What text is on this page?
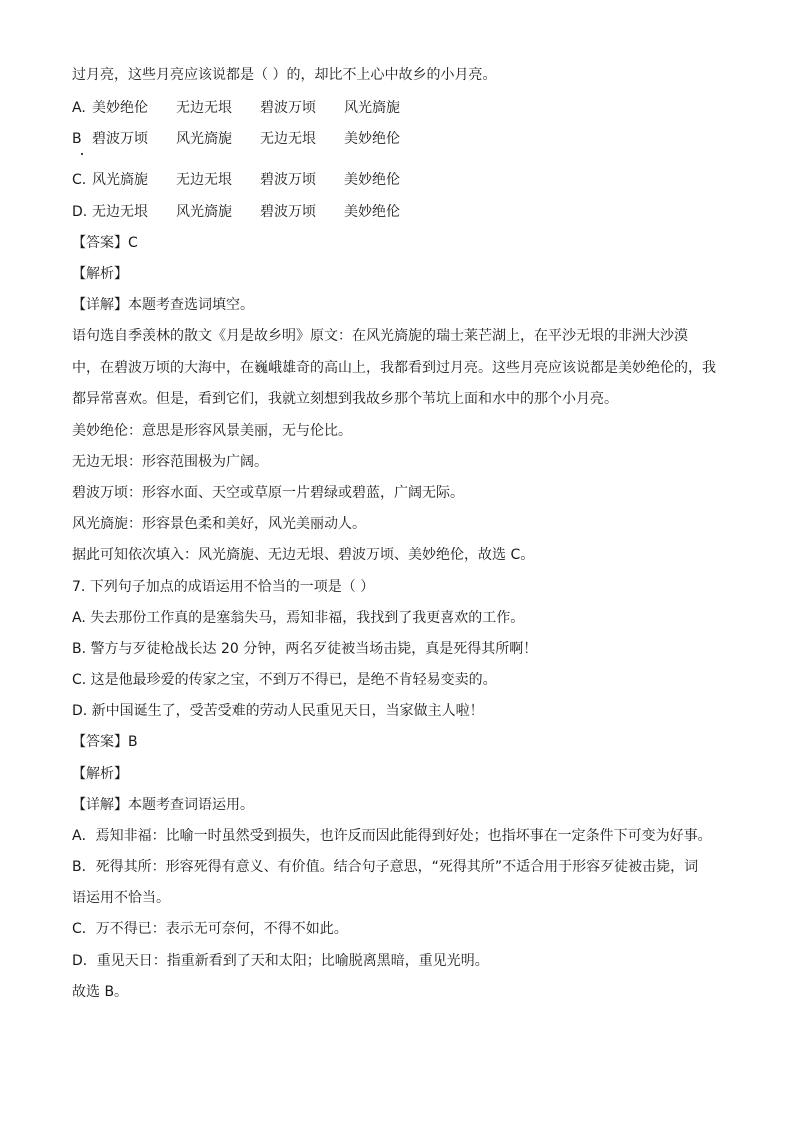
过月亮，这些月亮应该说都是（ ）的，却比不上心中故乡的小月亮。
A. 美妙绝伦 无边无垠 碧波万顷 风光旖旎
B 碧波万顷 风光旖旎 无边无垠 美妙绝伦
C. 风光旖旎 无边无垠 碧波万顷 美妙绝伦
D. 无边无垠 风光旖旎 碧波万顷 美妙绝伦
【答案】C
【解析】
【详解】本题考查选词填空。
语句选自季羡林的散文《月是故乡明》原文：在风光旖旎的瑞士莱芒湖上，在平沙无垠的非洲大沙漠
中，在碧波万顷的大海中，在巍峨雄奇的高山上，我都看到过月亮。这些月亮应该说都是美妙绝伦的，我
都异常喜欢。但是，看到它们，我就立刻想到我故乡那个苇坑上面和水中的那个小月亮。
美妙绝伦：意思是形容风景美丽，无与伦比。
无边无垠：形容范围极为广阔。
碧波万顷：形容水面、天空或草原一片碧绿或碧蓝，广阔无际。
风光旖旎：形容景色柔和美好，风光美丽动人。
据此可知依次填入：风光旖旎、无边无垠、碧波万顷、美妙绝伦，故选 C。
7. 下列句子加点的成语运用不恰当的一项是（ ）
A. 失去那份工作真的是塞翁失马，焉知非福，我找到了我更喜欢的工作。
B. 警方与歹徒枪战长达 20 分钟，两名歹徒被当场击毙，真是死得其所啊！
C. 这是他最珍爱的传家之宝，不到万不得已，是绝不肯轻易变卖的。
D. 新中国诞生了，受苦受难的劳动人民重见天日，当家做主人啦！
【答案】B
【解析】
【详解】本题考查词语运用。
A．焉知非福：比喻一时虽然受到损失，也许反而因此能得到好处；也指坏事在一定条件下可变为好事。
B．死得其所：形容死得有意义、有价值。结合句子意思，“死得其所”不适合用于形容歹徒被击毙，词
语运用不恰当。
C．万不得已：表示无可奈何，不得不如此。
D．重见天日：指重新看到了天和太阳；比喻脱离黑暗，重见光明。
故选 B。
